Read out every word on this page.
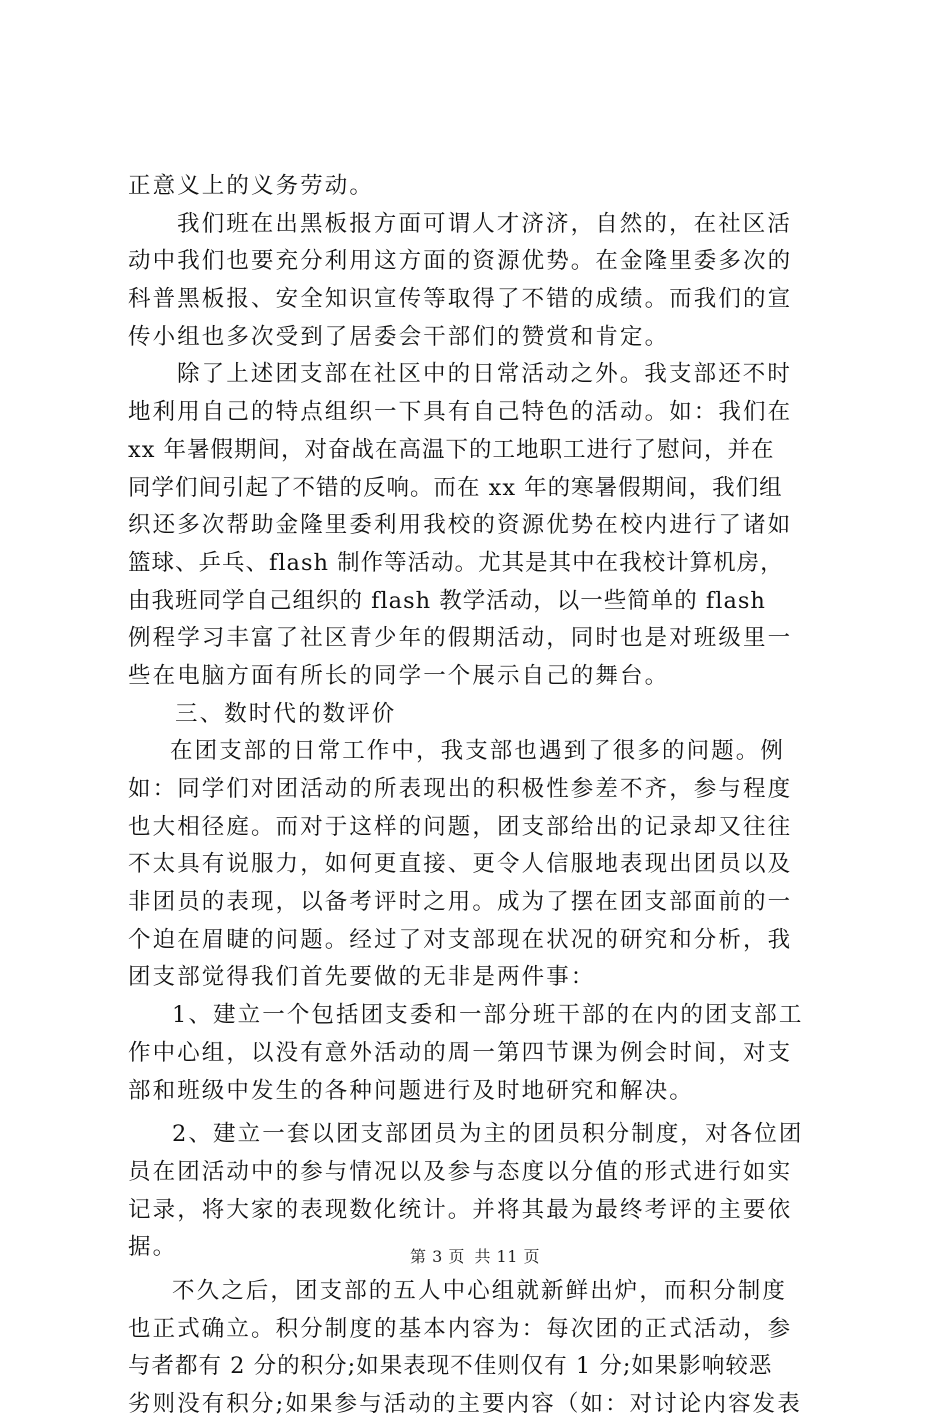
正意义上的义务劳动。
我们班在出黑板报方面可谓人才济济，自然的，在社区活
动中我们也要充分利用这方面的资源优势。在金隆里委多次的
科普黑板报、安全知识宣传等取得了不错的成绩。而我们的宣
传小组也多次受到了居委会干部们的赞赏和肯定。
除了上述团支部在社区中的日常活动之外。我支部还不时
地利用自己的特点组织一下具有自己特色的活动。如：我们在
xx 年暑假期间，对奋战在高温下的工地职工进行了慰问，并在
同学们间引起了不错的反响。而在 xx 年的寒暑假期间，我们组
织还多次帮助金隆里委利用我校的资源优势在校内进行了诸如
篮球、乒乓、flash 制作等活动。尤其是其中在我校计算机房，
由我班同学自己组织的 flash 教学活动，以一些简单的 flash
例程学习丰富了社区青少年的假期活动，同时也是对班级里一
些在电脑方面有所长的同学一个展示自己的舞台。
三、数时代的数评价
在团支部的日常工作中，我支部也遇到了很多的问题。例
如：同学们对团活动的所表现出的积极性参差不齐，参与程度
也大相径庭。而对于这样的问题，团支部给出的记录却又往往
不太具有说服力，如何更直接、更令人信服地表现出团员以及
非团员的表现，以备考评时之用。成为了摆在团支部面前的一
个迫在眉睫的问题。经过了对支部现在状况的研究和分析，我
团支部觉得我们首先要做的无非是两件事：
1、建立一个包括团支委和一部分班干部的在内的团支部工
作中心组，以没有意外活动的周一第四节课为例会时间，对支
部和班级中发生的各种问题进行及时地研究和解决。
2、建立一套以团支部团员为主的团员积分制度，对各位团
员在团活动中的参与情况以及参与态度以分值的形式进行如实
记录，将大家的表现数化统计。并将其最为最终考评的主要依
据。
不久之后，团支部的五人中心组就新鲜出炉，而积分制度
也正式确立。积分制度的基本内容为：每次团的正式活动，参
与者都有 2 分的积分;如果表现不佳则仅有 1 分;如果影响较恶
劣则没有积分;如果参与活动的主要内容（如：对讨论内容发表
第 3 页 共 11 页
